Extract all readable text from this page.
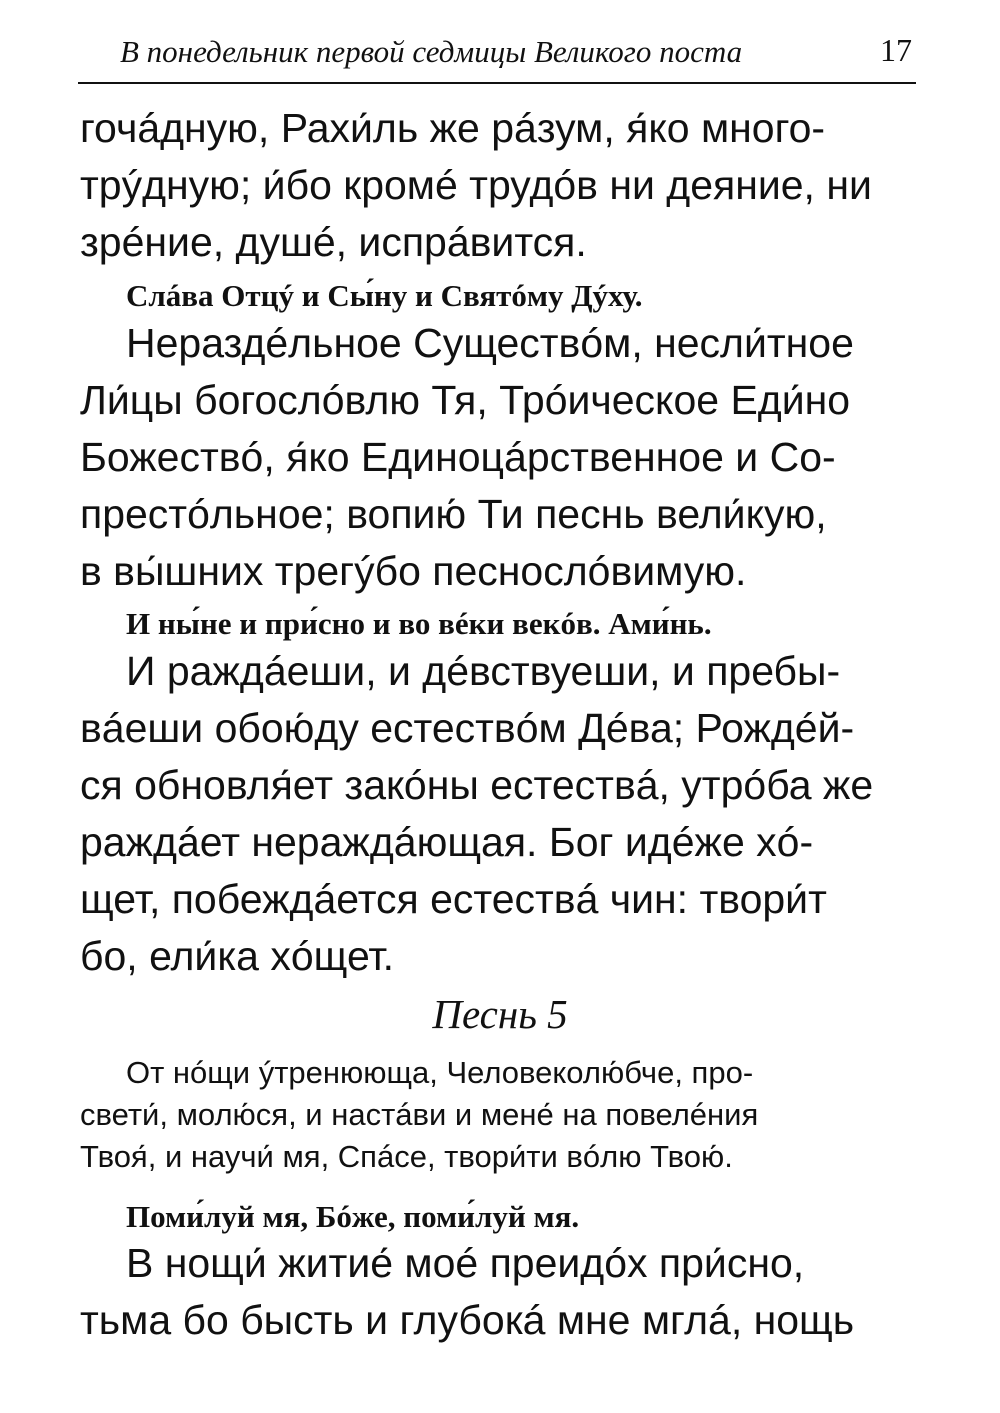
В понедельник первой седмицы Великого поста	17
гочáдную, Рахи́ль же рáзум, я́ко много-
трýдную; и́бо кромé трудóв ни деяние, ни
зрéние, душé, испрáвится.
Слáва Отцý и Сы́ну и Святóму Дýху.
Нераздéльное Существóм, несли́тное
Ли́цы богослóвлю Тя, Трóическое Еди́но
Божествó, я́ко Единоцáрственное и Со-
престóльное; вопию́ Ти песнь вели́кую,
в вы́шних трегýбо песнослóвимую.
И ны́не и при́сно и во вéки векóв. Ами́нь.
И раждáеши, и дéвствуеши, и пребы-
вáеши обою́ду естествóм Дéва; Рождéй-
ся обновля́ет закóны естествá, утрóба же
раждáет нераждáющая. Бог идéже хó-
щет, побеждáется естествá чин: твори́т
бо, ели́ка хóщет.
Песнь 5
От нóщи ýтренююща, Человеколю́бче, про-
свети́, молю́ся, и настáви и мене́ на повелéния
Твоя́, и научи́ мя, Спáсе, твори́ти вóлю Твою́.
Поми́луй мя, Бóже, поми́луй мя.
В нощи́ житие́ моé преидóх при́сно,
тьма бо бысть и глубокá мне мглá, нощь
